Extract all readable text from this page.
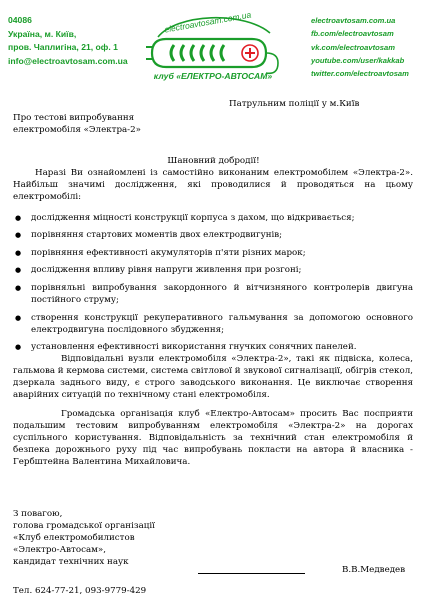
04086
Україна, м. Київ,
пров. Чаплигіна, 21, оф. 1
info@electroavtosam.com.ua
electroavtosam.com.ua
клуб «ЕЛЕКТРО-АВТОСАМ»
electroavtosam.com.ua
fb.com/electroavtosam
vk.com/electroavtosam
youtube.com/user/kakkab
twitter.com/electroavtosam
Патрульним поліції у м.Київ
Про тестові випробування
електромобіля «Электра-2»
Шановний добродії!
Наразі Ви ознайомлені із самостійно виконаним електромобілем «Электра-2». Найбільш значимі дослідження, які проводилися й проводяться на цьому електромобілі:
● дослідження міцності конструкції корпуса з дахом, що відкривається;
● порівняння стартових моментів двох електродвигунів;
● порівняння ефективності акумуляторів п'яти різних марок;
● дослідження впливу рівня напруги живлення при розгоні;
● порівняльні випробування закордонного й вітчизняного контролерів двигуна постійного струму;
● створення конструкції рекуперативного гальмування за допомогою основного електродвигуна послідовного збудження;
● установлення ефективності використання гнучких сонячних панелей.
Відповідальні вузли електромобіля «Электра-2», такі як підвіска, колеса, гальмова й кермова системи, система світлової й звукової сигналізації, обігрів стекол, дзеркала заднього виду, є строго заводського виконання. Це виключає створення аварійних ситуацій по технічному стані електромобіля.
Громадська організація клуб «Електро-Автосам» просить Вас посприяти подальшим тестовим випробуванням електромобіля «Электра-2» на дорогах суспільного користування. Відповідальність за технічний стан електромобіля й безпека дорожнього руху під час випробувань покласти на автора й власника - Гербштейна Валентина Михайловича.
З повагою,
голова громадської організації
«Клуб електромобилистов
«Электро-Автосам»,
кандидат технічних наук
В.В.Медведев
Тел. 624-77-21, 093-9779-429
